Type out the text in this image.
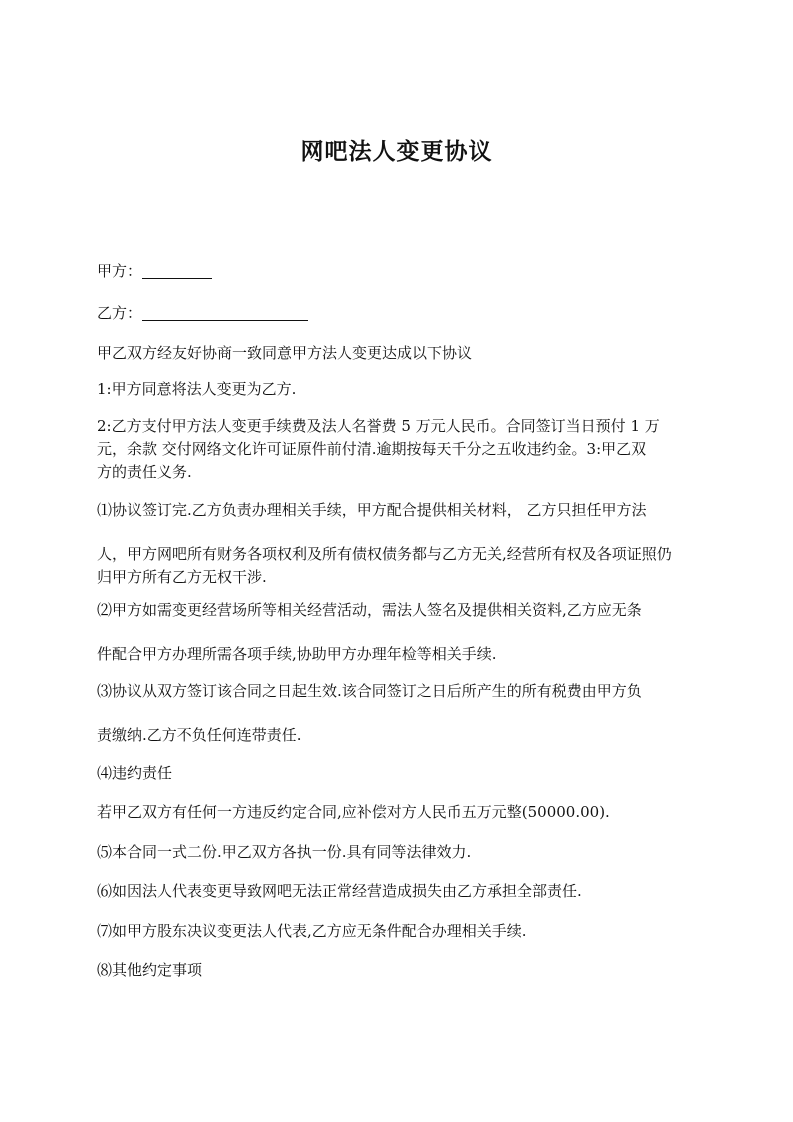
网吧法人变更协议

甲方：

乙方：

甲乙双方经友好协商一致同意甲方法人变更达成以下协议

1:甲方同意将法人变更为乙方.

2:乙方支付甲方法人变更手续费及法人名誉费 5 万元人民币。合同签订当日预付 1 万
元，余款 交付网络文化许可证原件前付清.逾期按每天千分之五收违约金。3:甲乙双
方的责任义务.

⑴协议签订完.乙方负责办理相关手续，甲方配合提供相关材料， 乙方只担任甲方法

人，甲方网吧所有财务各项权利及所有债权债务都与乙方无关,经营所有权及各项证照仍
归甲方所有乙方无权干涉.

⑵甲方如需变更经营场所等相关经营活动，需法人签名及提供相关资料,乙方应无条

件配合甲方办理所需各项手续,协助甲方办理年检等相关手续.

⑶协议从双方签订该合同之日起生效.该合同签订之日后所产生的所有税费由甲方负

责缴纳.乙方不负任何连带责任.

⑷违约责任

若甲乙双方有任何一方违反约定合同,应补偿对方人民币五万元整(50000.00).

⑸本合同一式二份.甲乙双方各执一份.具有同等法律效力.

⑹如因法人代表变更导致网吧无法正常经营造成损失由乙方承担全部责任.

⑺如甲方股东决议变更法人代表,乙方应无条件配合办理相关手续.

⑻其他约定事项
